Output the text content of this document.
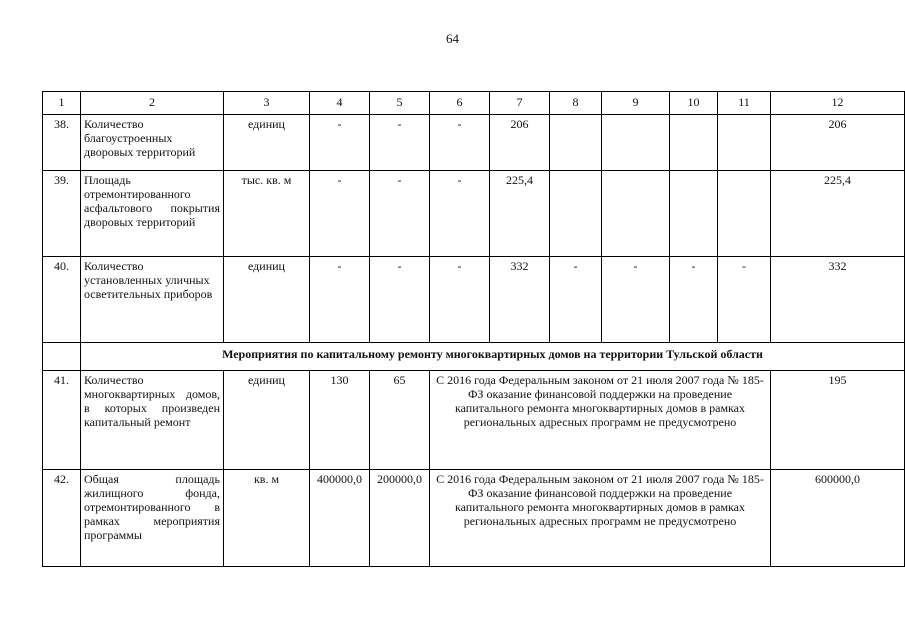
64
1	2	3	4	5	6	7	8	9	10	11	12
38.	Количество благоустроенных дворовых территорий	единиц	-	-	-	206					206
39.	Площадь отремонтированного асфальтового покрытия дворовых территорий	тыс. кв. м	-	-	-	225,4					225,4
40.	Количество установленных уличных осветительных приборов	единиц	-	-	-	332	-	-	-	-	332
	Мероприятия по капитальному ремонту многоквартирных домов на территории Тульской области										
41.	Количество многоквартирных домов, в которых произведен капитальный ремонт	единиц	130	65	С 2016 года Федеральным законом от 21 июля 2007 года № 185-ФЗ оказание финансовой поддержки на проведение капитального ремонта многоквартирных домов в рамках региональных адресных программ не предусмотрено						195
42.	Общая площадь жилищного фонда, отремонтированного в рамках мероприятия программы	кв. м	400000,0	200000,0	С 2016 года Федеральным законом от 21 июля 2007 года № 185-ФЗ оказание финансовой поддержки на проведение капитального ремонта многоквартирных домов в рамках региональных адресных программ не предусмотрено						600000,0
